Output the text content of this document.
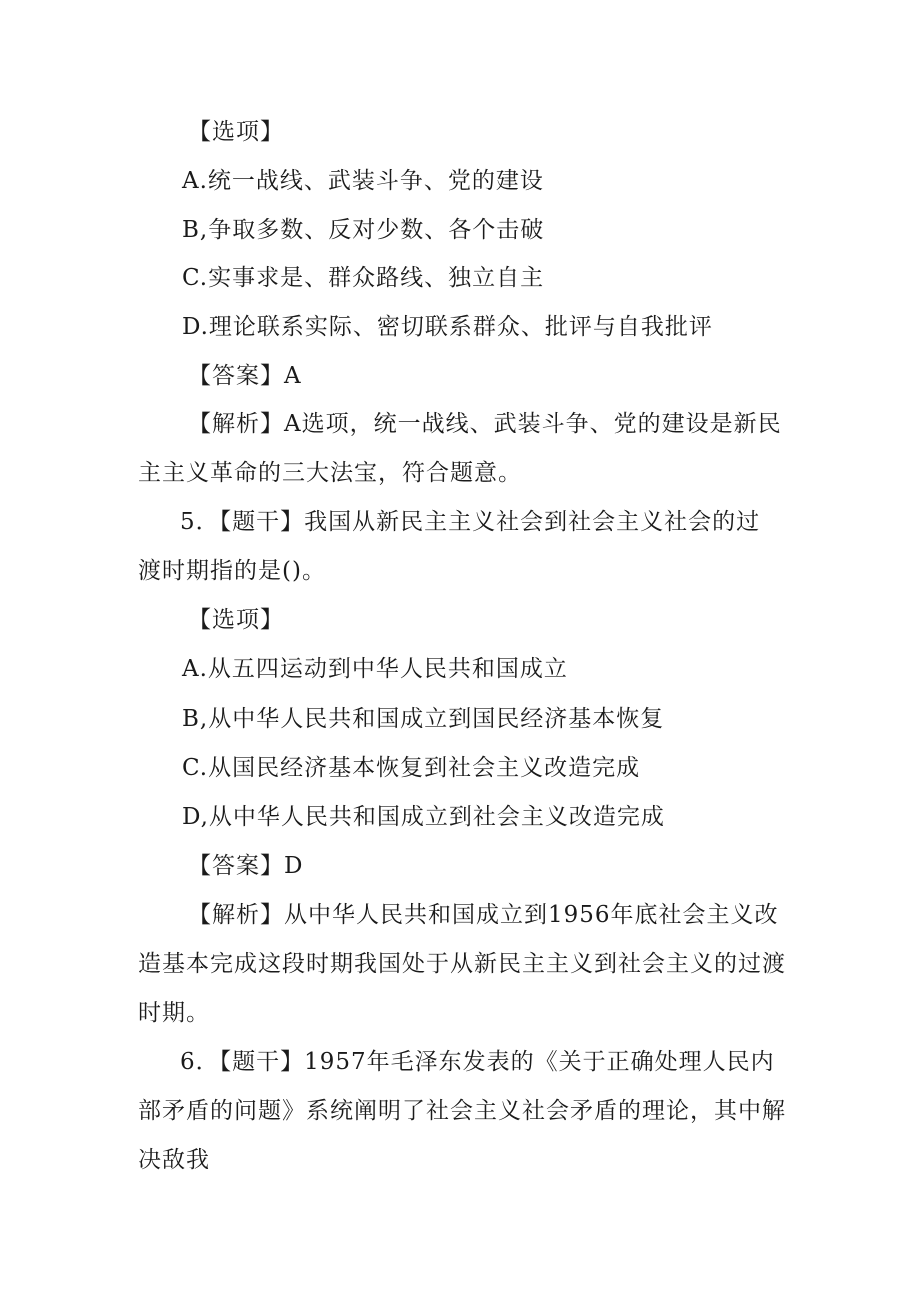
【选项】
A.统一战线、武装斗争、党的建设
B,争取多数、反对少数、各个击破
C.实事求是、群众路线、独立自主
D.理论联系实际、密切联系群众、批评与自我批评
【答案】A
【解析】A选项，统一战线、武装斗争、党的建设是新民
主主义革命的三大法宝，符合题意。
5．【题干】我国从新民主主义社会到社会主义社会的过
渡时期指的是()。
【选项】
A.从五四运动到中华人民共和国成立
B,从中华人民共和国成立到国民经济基本恢复
C.从国民经济基本恢复到社会主义改造完成
D,从中华人民共和国成立到社会主义改造完成
【答案】D
【解析】从中华人民共和国成立到1956年底社会主义改
造基本完成这段时期我国处于从新民主主义到社会主义的过渡
时期。
6．【题干】1957年毛泽东发表的《关于正确处理人民内
部矛盾的问题》系统阐明了社会主义社会矛盾的理论，其中解
决敌我
